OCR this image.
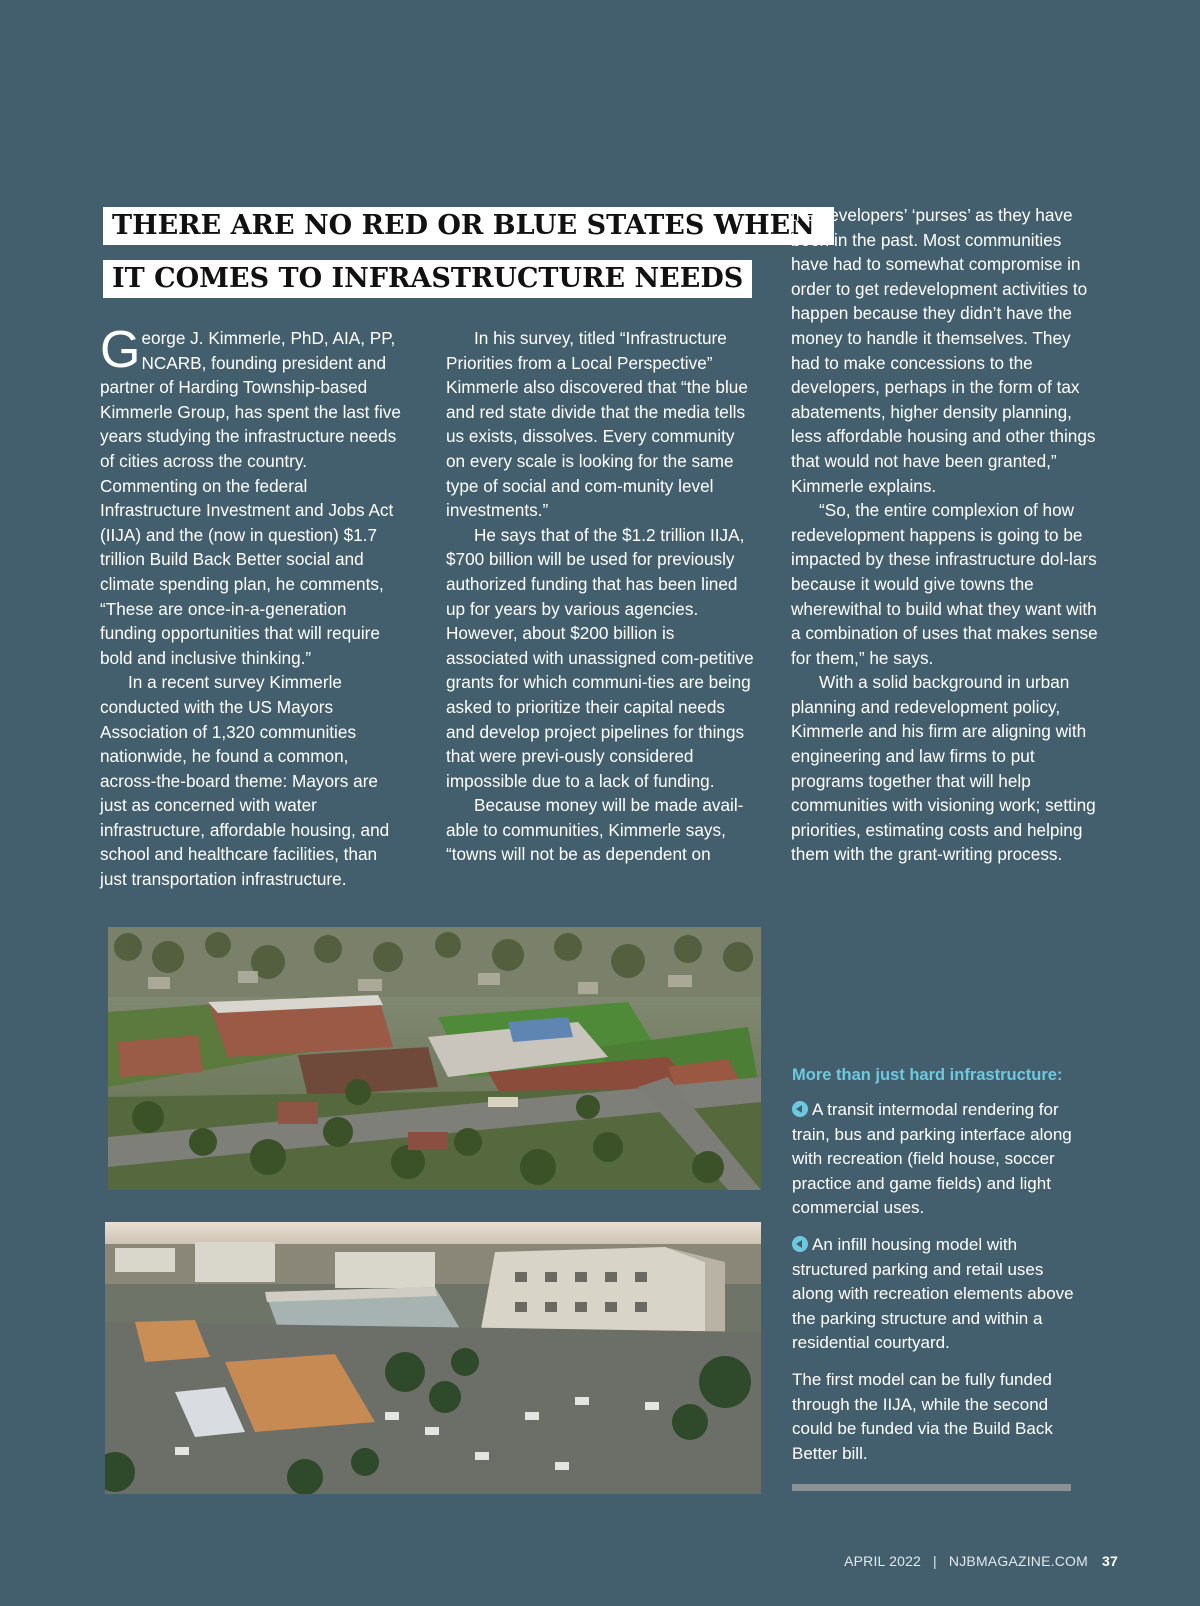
THERE ARE NO RED OR BLUE STATES WHEN
IT COMES TO INFRASTRUCTURE NEEDS

George J. Kimmerle, PhD, AIA, PP, NCARB, founding president and partner of Harding Township-based Kimmerle Group, has spent the last five years studying the infrastructure needs of cities across the country. Commenting on the federal Infrastructure Investment and Jobs Act (IIJA) and the (now in question) $1.7 trillion Build Back Better social and climate spending plan, he comments, “These are once-in-a-generation funding opportunities that will require bold and inclusive thinking.”

In a recent survey Kimmerle conducted with the US Mayors Association of 1,320 communities nationwide, he found a common, across-the-board theme: Mayors are just as concerned with water infrastructure, affordable housing, and school and healthcare facilities, than just transportation infrastructure.

In his survey, titled “Infrastructure Priorities from a Local Perspective” Kimmerle also discovered that “the blue and red state divide that the media tells us exists, dissolves. Every community on every scale is looking for the same type of social and com-munity level investments.”

He says that of the $1.2 trillion IIJA, $700 billion will be used for previously authorized funding that has been lined up for years by various agencies. However, about $200 billion is associated with unassigned com-petitive grants for which communi-ties are being asked to prioritize their capital needs and develop project pipelines for things that were previ-ously considered impossible due to a lack of funding.

Because money will be made avail-able to communities, Kimmerle says, “towns will not be as dependent on

the developers’ ‘purses’ as they have been in the past. Most communities have had to somewhat compromise in order to get redevelopment activities to happen because they didn’t have the money to handle it themselves. They had to make concessions to the developers, perhaps in the form of tax abatements, higher density planning, less affordable housing and other things that would not have been granted,” Kimmerle explains.

“So, the entire complexion of how redevelopment happens is going to be impacted by these infrastructure dol-lars because it would give towns the wherewithal to build what they want with a combination of uses that makes sense for them,” he says.

With a solid background in urban planning and redevelopment policy, Kimmerle and his firm are aligning with engineering and law firms to put programs together that will help communities with visioning work; setting priorities, estimating costs and helping them with the grant-writing process.

More than just hard infrastructure:

A transit intermodal rendering for train, bus and parking interface along with recreation (field house, soccer practice and game fields) and light commercial uses.

An infill housing model with structured parking and retail uses along with recreation elements above the parking structure and within a residential courtyard.

The first model can be fully funded through the IIJA, while the second could be funded via the Build Back Better bill.

APRIL 2022 | NJBMAGAZINE.COM 37
